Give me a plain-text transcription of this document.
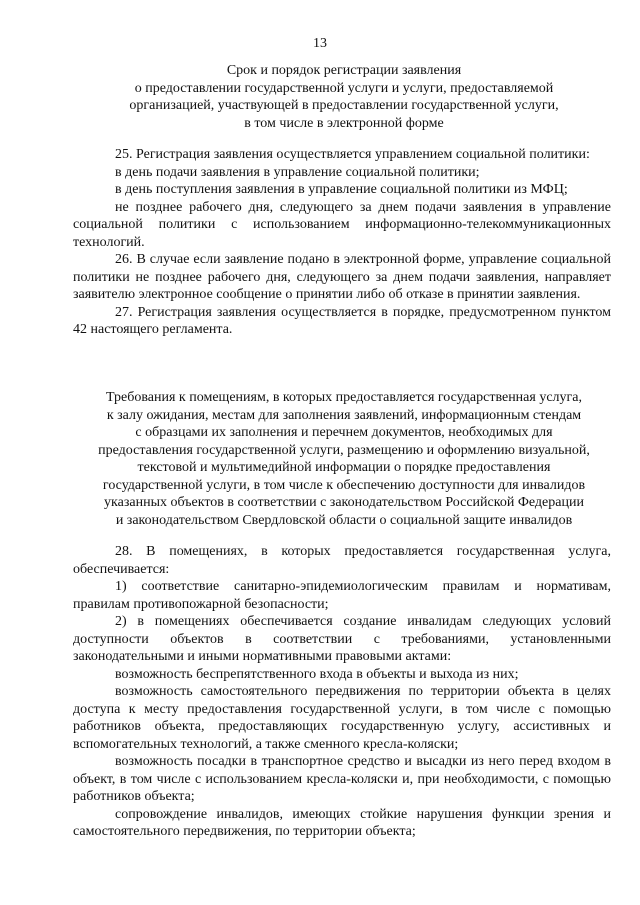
13
Срок и порядок регистрации заявления
о предоставлении государственной услуги и услуги, предоставляемой
организацией, участвующей в предоставлении государственной услуги,
в том числе в электронной форме

25. Регистрация заявления осуществляется управлением социальной политики:

в день подачи заявления в управление социальной политики;

в день поступления заявления в управление социальной политики из МФЦ;

не позднее рабочего дня, следующего за днем подачи заявления в управление социальной политики с использованием информационно-телекоммуникационных технологий.

26. В случае если заявление подано в электронной форме, управление социальной политики не позднее рабочего дня, следующего за днем подачи заявления, направляет заявителю электронное сообщение о принятии либо об отказе в принятии заявления.

27. Регистрация заявления осуществляется в порядке, предусмотренном пунктом 42 настоящего регламента.

Требования к помещениям, в которых предоставляется государственная услуга,
к залу ожидания, местам для заполнения заявлений, информационным стендам
с образцами их заполнения и перечнем документов, необходимых для
предоставления государственной услуги, размещению и оформлению визуальной,
текстовой и мультимедийной информации о порядке предоставления
государственной услуги, в том числе к обеспечению доступности для инвалидов
указанных объектов в соответствии с законодательством Российской Федерации
и законодательством Свердловской области о социальной защите инвалидов

28. В помещениях, в которых предоставляется государственная услуга, обеспечивается:

1) соответствие санитарно-эпидемиологическим правилам и нормативам, правилам противопожарной безопасности;

2) в помещениях обеспечивается создание инвалидам следующих условий доступности объектов в соответствии с требованиями, установленными законодательными и иными нормативными правовыми актами:

возможность беспрепятственного входа в объекты и выхода из них;

возможность самостоятельного передвижения по территории объекта в целях доступа к месту предоставления государственной услуги, в том числе с помощью работников объекта, предоставляющих государственную услугу, ассистивных и вспомогательных технологий, а также сменного кресла-коляски;

возможность посадки в транспортное средство и высадки из него перед входом в объект, в том числе с использованием кресла-коляски и, при необходимости, с помощью работников объекта;

сопровождение инвалидов, имеющих стойкие нарушения функции зрения и самостоятельного передвижения, по территории объекта;
